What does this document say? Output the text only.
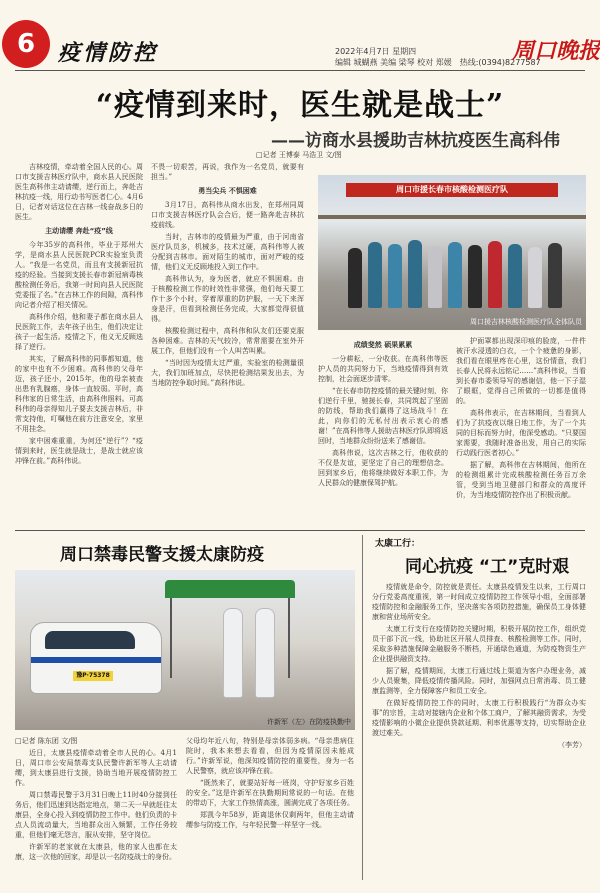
6	疫情防控	2022年4月7日 星期四
编辑 城蝴燕 美编 梁琴 校对 郑媛 热线:(0394)8277587
周口晚报
“疫情到来时，医生就是战士”
——访商水县援助吉林抗疫医生高科伟
□记者 王博泰 马浩卫 文/图

吉林疫情，牵动着全国人民的心。周口市支援吉林医疗队中，商水县人民医院医生高科伟主动请缨，逆行而上，奔赴吉林抗疫一线，用行动书写医者仁心。4月6日，记者对话这位在吉林一线奋战多日的医生。

主动请缨 奔赴“疫”线

今年35岁的高科伟，毕业于郑州大学，是商水县人民医院PCR实验室负责人。“我是一名党员，而且有支援新冠抗疫的经验。当接到支援长春市新冠病毒核酸检测任务后，我第一时间向县人民医院党委报了名。”在吉林工作的间隙，高科伟向记者介绍了相关情况。

高科伟介绍，他和妻子都在商水县人民医院工作，去年孩子出生，他们决定让孩子一起生活。疫情之下，他义无反顾选择了逆行。

其实，了解高科伟的同事都知道，他的家中也有不少困难。高科伟的父母年迈，孩子还小，2015年，他的母亲被查出患有乳腺癌，身体一直较弱。平时，高科伟家的日常生活，由高科伟照料。可高科伟的母亲得知儿子要去支援吉林后，非常支持他，叮嘱他在前方注意安全，家里不用挂念。

家中困难重重，为何还“逆行”？“疫情到来时，医生就是战士，是战士就应该冲锋在前。”高科伟说。

不畏一切艰苦，再说，我作为一名党员，就要有担当。”

勇当尖兵 不惧困难

3月17日，高科伟从商水出发，在郑州同周口市支援吉林医疗队会合后，便一路奔赴吉林抗疫前线。

当时，吉林市的疫情最为严重，由于河南省医疗队员多，机械多，技术过硬，高科伟等人被分配到吉林市。面对陌生的城市，面对严峻的疫情，他们义无反顾地投入到工作中。

高科伟认为，身为医者，就应不惧困难。由于核酸检测工作的时效性非常强，他们每天要工作十多个小时，穿着厚重的防护服，一天下来浑身是汗，但看到检测任务完成，大家都觉得很值得。

核酸检测过程中，高科伟和队友们还要克服各种困难。吉林的天气较冷，常常需要在室外开展工作，但他们没有一个人叫苦叫累。

“当时因为疫情太过严重，实验室的检测量很大，我们加班加点，尽快把检测结果发出去，为当地防控争取时间。”高科伟说。

周口市援长春市核酸检测医疗队
周口援吉林核酸检测医疗队全体队员
成绩斐然 硕果累累

一分耕耘，一分收获。在高科伟等医护人员的共同努力下，当地疫情得到有效控制，社会面逐步清零。

“在长春市防控疫情的最关键时刻，你们逆行千里，驰援长春，共同筑起了坚固的防线，帮助我们赢得了这场战斗！在此，向你们的无私付出表示衷心的感谢！”在高科伟等人援助吉林医疗队即将返回时，当地群众纷纷送来了感谢信。

高科伟说，这次吉林之行，他收获的不仅是友谊，更坚定了自己的理想信念。回到家乡后，他将继续做好本职工作，为人民群众的健康保驾护航。

护面罩都出现深印痕的脸庞，一件件被汗水浸透的白衣，一个个疲惫的身影，我们看在眼里疼在心里，这份情意，我们长春人民将永远铭记……”高科伟说，当看到长春市委领导写的感谢信，他一下子湿了眼眶，觉得自己所做的一切都是值得的。

高科伟表示，在吉林期间，当看到人们为了抗疫夜以继日地工作，为了一个共同的目标而努力时，他深受感动。“只要国家需要，我随时准备出发，用自己的实际行动践行医者初心。”

据了解，高科伟在吉林期间，他所在的检测组累计完成核酸检测任务百万余管，受到当地卫健部门和群众的高度评价，为当地疫情防控作出了积极贡献。

周口禁毒民警支援太康防疫
豫P·75378
许新军（左）在防疫执勤中
□记者 陈东团 文/图

近日，太康县疫情牵动着全市人民的心。4月1日，周口市公安局禁毒支队民警许新军等人主动请缨，到太康县进行支援，协助当地开展疫情防控工作。

周口禁毒民警于3月31日晚上11时40分接到任务后，他们迅速到达指定地点，第二天一早就赶往太康县，全身心投入到疫情防控工作中。他们负责的卡点人员流动量大，当地群众出入频繁，工作任务较重，但他们毫无怨言，服从安排，坚守岗位。

许新军的老家就在太康县，他的家人也都在太康，这一次他的回家，却是以一名防疫战士的身份。

父母均年近八旬，特别是母亲体弱多病。“母亲患病住院时，我本来想去看看，但因为疫情原因未能成行。”许新军说，他深知疫情防控的重要性，身为一名人民警察，就应该冲锋在前。

“既然来了，就要站好每一班岗，守护好家乡百姓的安全。”这是许新军在执勤期间常说的一句话。在他的带动下，大家工作热情高涨，圆满完成了各项任务。

郑凯今年58岁，距离退休仅剩两年，但他主动请缨参与防疫工作，与年轻民警一样坚守一线。

太康工行：
同心抗疫 “工”克时艰

疫情就是命令，防控就是责任。太康县疫情发生以来，工行周口分行党委高度重视，第一时间成立疫情防控工作领导小组，全面部署疫情防控和金融服务工作，坚决落实各项防控措施，确保员工身体健康和营业场所安全。

太康工行支行在疫情防控关键时期，积极开展防控工作，组织党员干部下沉一线，协助社区开展人员排查、核酸检测等工作。同时，采取多种措施保障金融服务不断档，开通绿色通道，为防疫物资生产企业提供融资支持。

据了解，疫情期间，太康工行通过线上渠道为客户办理业务，减少人员聚集，降低疫情传播风险。同时，加强网点日常消毒、员工健康监测等，全力保障客户和员工安全。

在做好疫情防控工作的同时，太康工行积极践行“为群众办实事”的宗旨，主动对接辖内企业和个体工商户，了解其融资需求，为受疫情影响的小微企业提供贷款延期、利率优惠等支持，切实帮助企业渡过难关。

（李芳）
